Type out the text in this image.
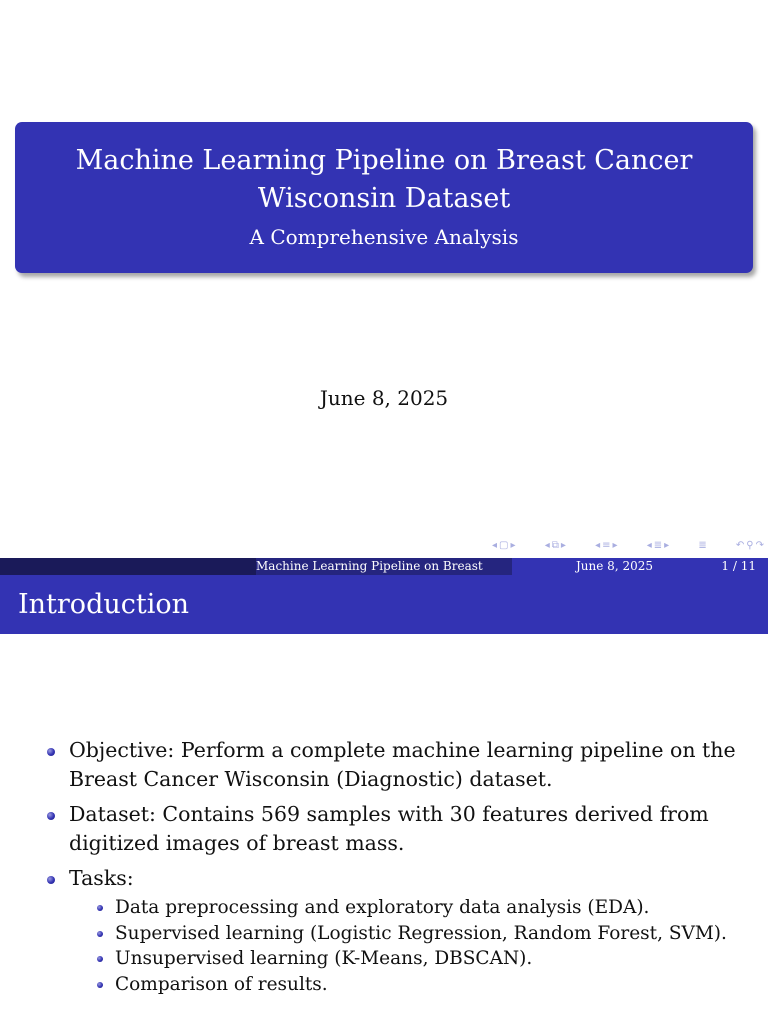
Machine Learning Pipeline on Breast Cancer
Wisconsin Dataset
A Comprehensive Analysis
June 8, 2025
◂ ▢ ▸	◂ ⧉ ▸	◂ ≡ ▸	◂ ≣ ▸	≣	↶ ⚲ ↷
Machine Learning Pipeline on Breast	June 8, 2025	1 / 11
Introduction
Objective: Perform a complete machine learning pipeline on the Breast Cancer Wisconsin (Diagnostic) dataset.
Dataset: Contains 569 samples with 30 features derived from digitized images of breast mass.
Tasks:
Data preprocessing and exploratory data analysis (EDA).
Supervised learning (Logistic Regression, Random Forest, SVM).
Unsupervised learning (K-Means, DBSCAN).
Comparison of results.
